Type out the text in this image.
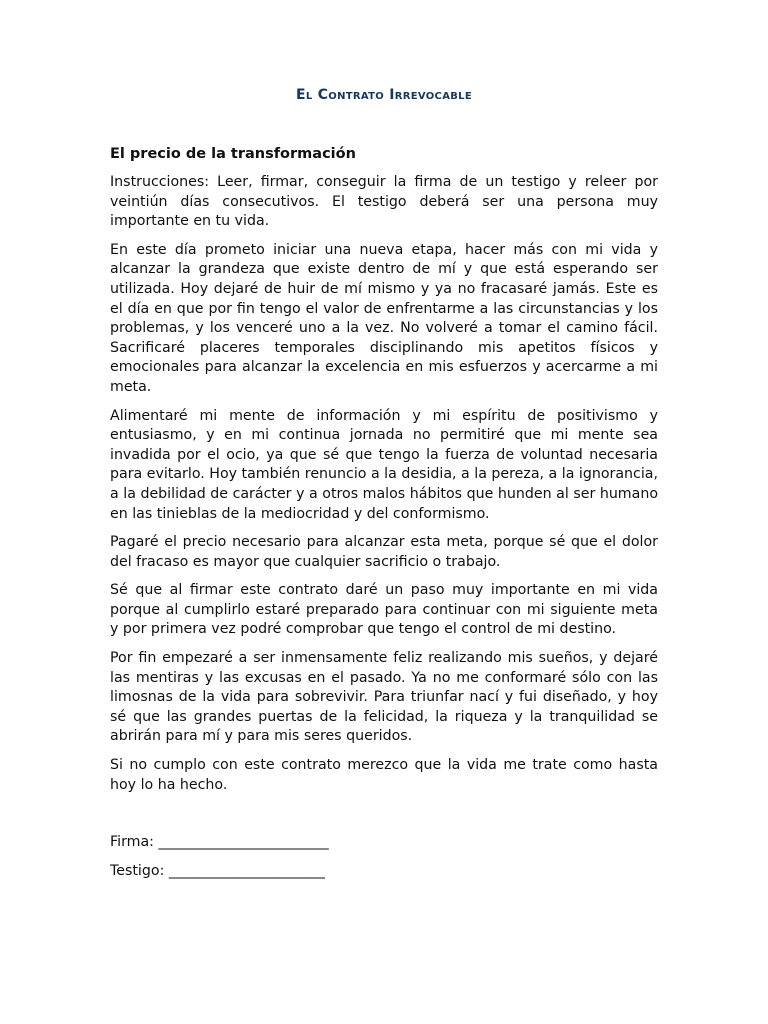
El Contrato Irrevocable
El precio de la transformación

Instrucciones: Leer, firmar, conseguir la firma de un testigo y releer por veintiún días consecutivos. El testigo deberá ser una persona muy importante en tu vida.

En este día prometo iniciar una nueva etapa, hacer más con mi vida y alcanzar la grandeza que existe dentro de mí y que está esperando ser utilizada. Hoy dejaré de huir de mí mismo y ya no fracasaré jamás. Este es el día en que por fin tengo el valor de enfrentarme a las circunstancias y los problemas, y los venceré uno a la vez. No volveré a tomar el camino fácil. Sacrificaré placeres temporales disciplinando mis apetitos físicos y emocionales para alcanzar la excelencia en mis esfuerzos y acercarme a mi meta.

Alimentaré mi mente de información y mi espíritu de positivismo y entusiasmo, y en mi continua jornada no permitiré que mi mente sea invadida por el ocio, ya que sé que tengo la fuerza de voluntad necesaria para evitarlo. Hoy también renuncio a la desidia, a la pereza, a la ignorancia, a la debilidad de carácter y a otros malos hábitos que hunden al ser humano en las tinieblas de la mediocridad y del conformismo.

Pagaré el precio necesario para alcanzar esta meta, porque sé que el dolor del fracaso es mayor que cualquier sacrificio o trabajo.

Sé que al firmar este contrato daré un paso muy importante en mi vida porque al cumplirlo estaré preparado para continuar con mi siguiente meta y por primera vez podré comprobar que tengo el control de mi destino.

Por fin empezaré a ser inmensamente feliz realizando mis sueños, y dejaré las mentiras y las excusas en el pasado. Ya no me conformaré sólo con las limosnas de la vida para sobrevivir. Para triunfar nací y fui diseñado, y hoy sé que las grandes puertas de la felicidad, la riqueza y la tranquilidad se abrirán para mí y para mis seres queridos.

Si no cumplo con este contrato merezco que la vida me trate como hasta hoy lo ha hecho.

Firma: ________________________
Testigo: ______________________
